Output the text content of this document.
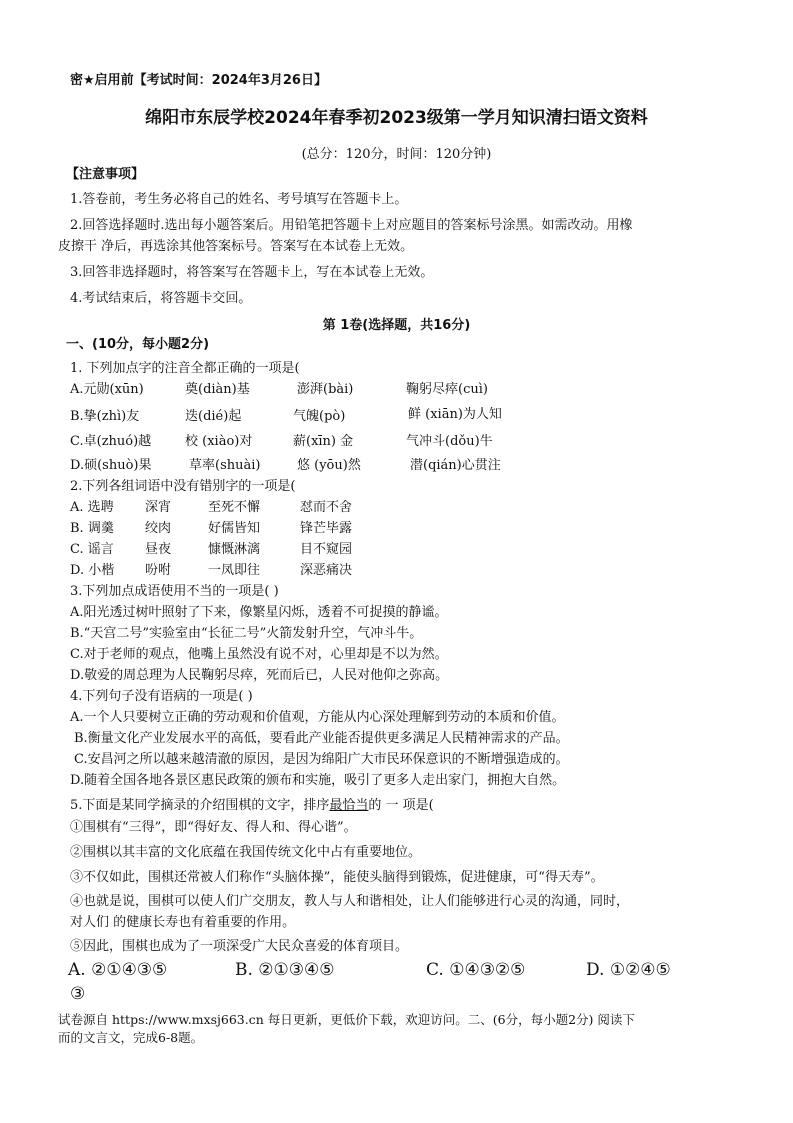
密★启用前【考试时间：2024年3月26日】
绵阳市东辰学校2024年春季初2023级第一学月知识清扫语文资料
(总分：120分，时间：120分钟)
【注意事项】
1.答卷前，考生务必将自己的姓名、考号填写在答题卡上。
2.回答选择题时.选出每小题答案后。用铅笔把答题卡上对应题目的答案标号涂黑。如需改动。用橡
皮擦干 净后，再选涂其他答案标号。答案写在本试卷上无效。
3.回答非选择题时，将答案写在答题卡上，写在本试卷上无效。
4.考试结束后，将答题卡交回。
第 1卷(选择题，共16分)
一、(10分，每小题2分)
1. 下列加点字的注音全都正确的一项是(
A.元勋(xūn)	奠(diàn)基	澎湃(bài)	鞠躬尽瘁(cuì)
B.挚(zhì)友	迭(dié)起	气魄(pò)	鲜 (xiān)为人知
C.卓(zhuó)越	校 (xiào)对	薪(xīn) 金	气冲斗(dǒu)牛
D.硕(shuò)果	草率(shuài)	悠 (yōu)然	潜(qián)心贯注
2.下列各组词语中没有错别字的一项是(
A. 选聘 深宵	至死不懈	怼而不舍
B. 调羹 绞肉	好儒皆知	锋芒毕露
C. 谣言 昼夜	慷慨淋漓	目不窥园
D. 小楷 吩咐	一凤即往	深恶痛决
3.下列加点成语使用不当的一项是( )
A.阳光透过树叶照射了下来，像繁星闪烁，透着不可捉摸的静谧。
B.“天宫二号”实验室由“长征二号”火箭发射升空，气冲斗牛。
C.对于老师的观点，他嘴上虽然没有说不对，心里却是不以为然。
D.敬爱的周总理为人民鞠躬尽瘁，死而后已，人民对他仰之弥高。
4.下列句子没有语病的一项是( )
A.一个人只要树立正确的劳动观和价值观，方能从内心深处理解到劳动的本质和价值。
B.衡量文化产业发展水平的高低，要看此产业能否提供更多满足人民精神需求的产品。
C.安昌河之所以越来越清澈的原因，是因为绵阳广大市民环保意识的不断增强造成的。
D.随着全国各地各景区惠民政策的颁布和实施，吸引了更多人走出家门，拥抱大自然。
5.下面是某同学摘录的介绍围棋的文字，排序最恰当的 一 项是(
①围棋有“三得”，即“得好友、得人和、得心谐”。
②围棋以其丰富的文化底蕴在我国传统文化中占有重要地位。
③不仅如此，围棋还常被人们称作“头脑体操”，能使头脑得到锻炼，促进健康，可“得天寿”。
④也就是说，围棋可以使人们广交朋友，教人与人和谐相处，让人们能够进行心灵的沟通，同时，
对人们 的健康长寿也有着重要的作用。
⑤因此，围棋也成为了一项深受广大民众喜爱的体育项目。
A. ②①④③⑤	B. ②①③④⑤	C. ①④③②⑤	D. ①②④⑤
③
试卷源自 https://www.mxsj663.cn 每日更新，更低价下载，欢迎访问。二、(6分，每小题2分) 阅读下
而的文言文，完成6-8题。
